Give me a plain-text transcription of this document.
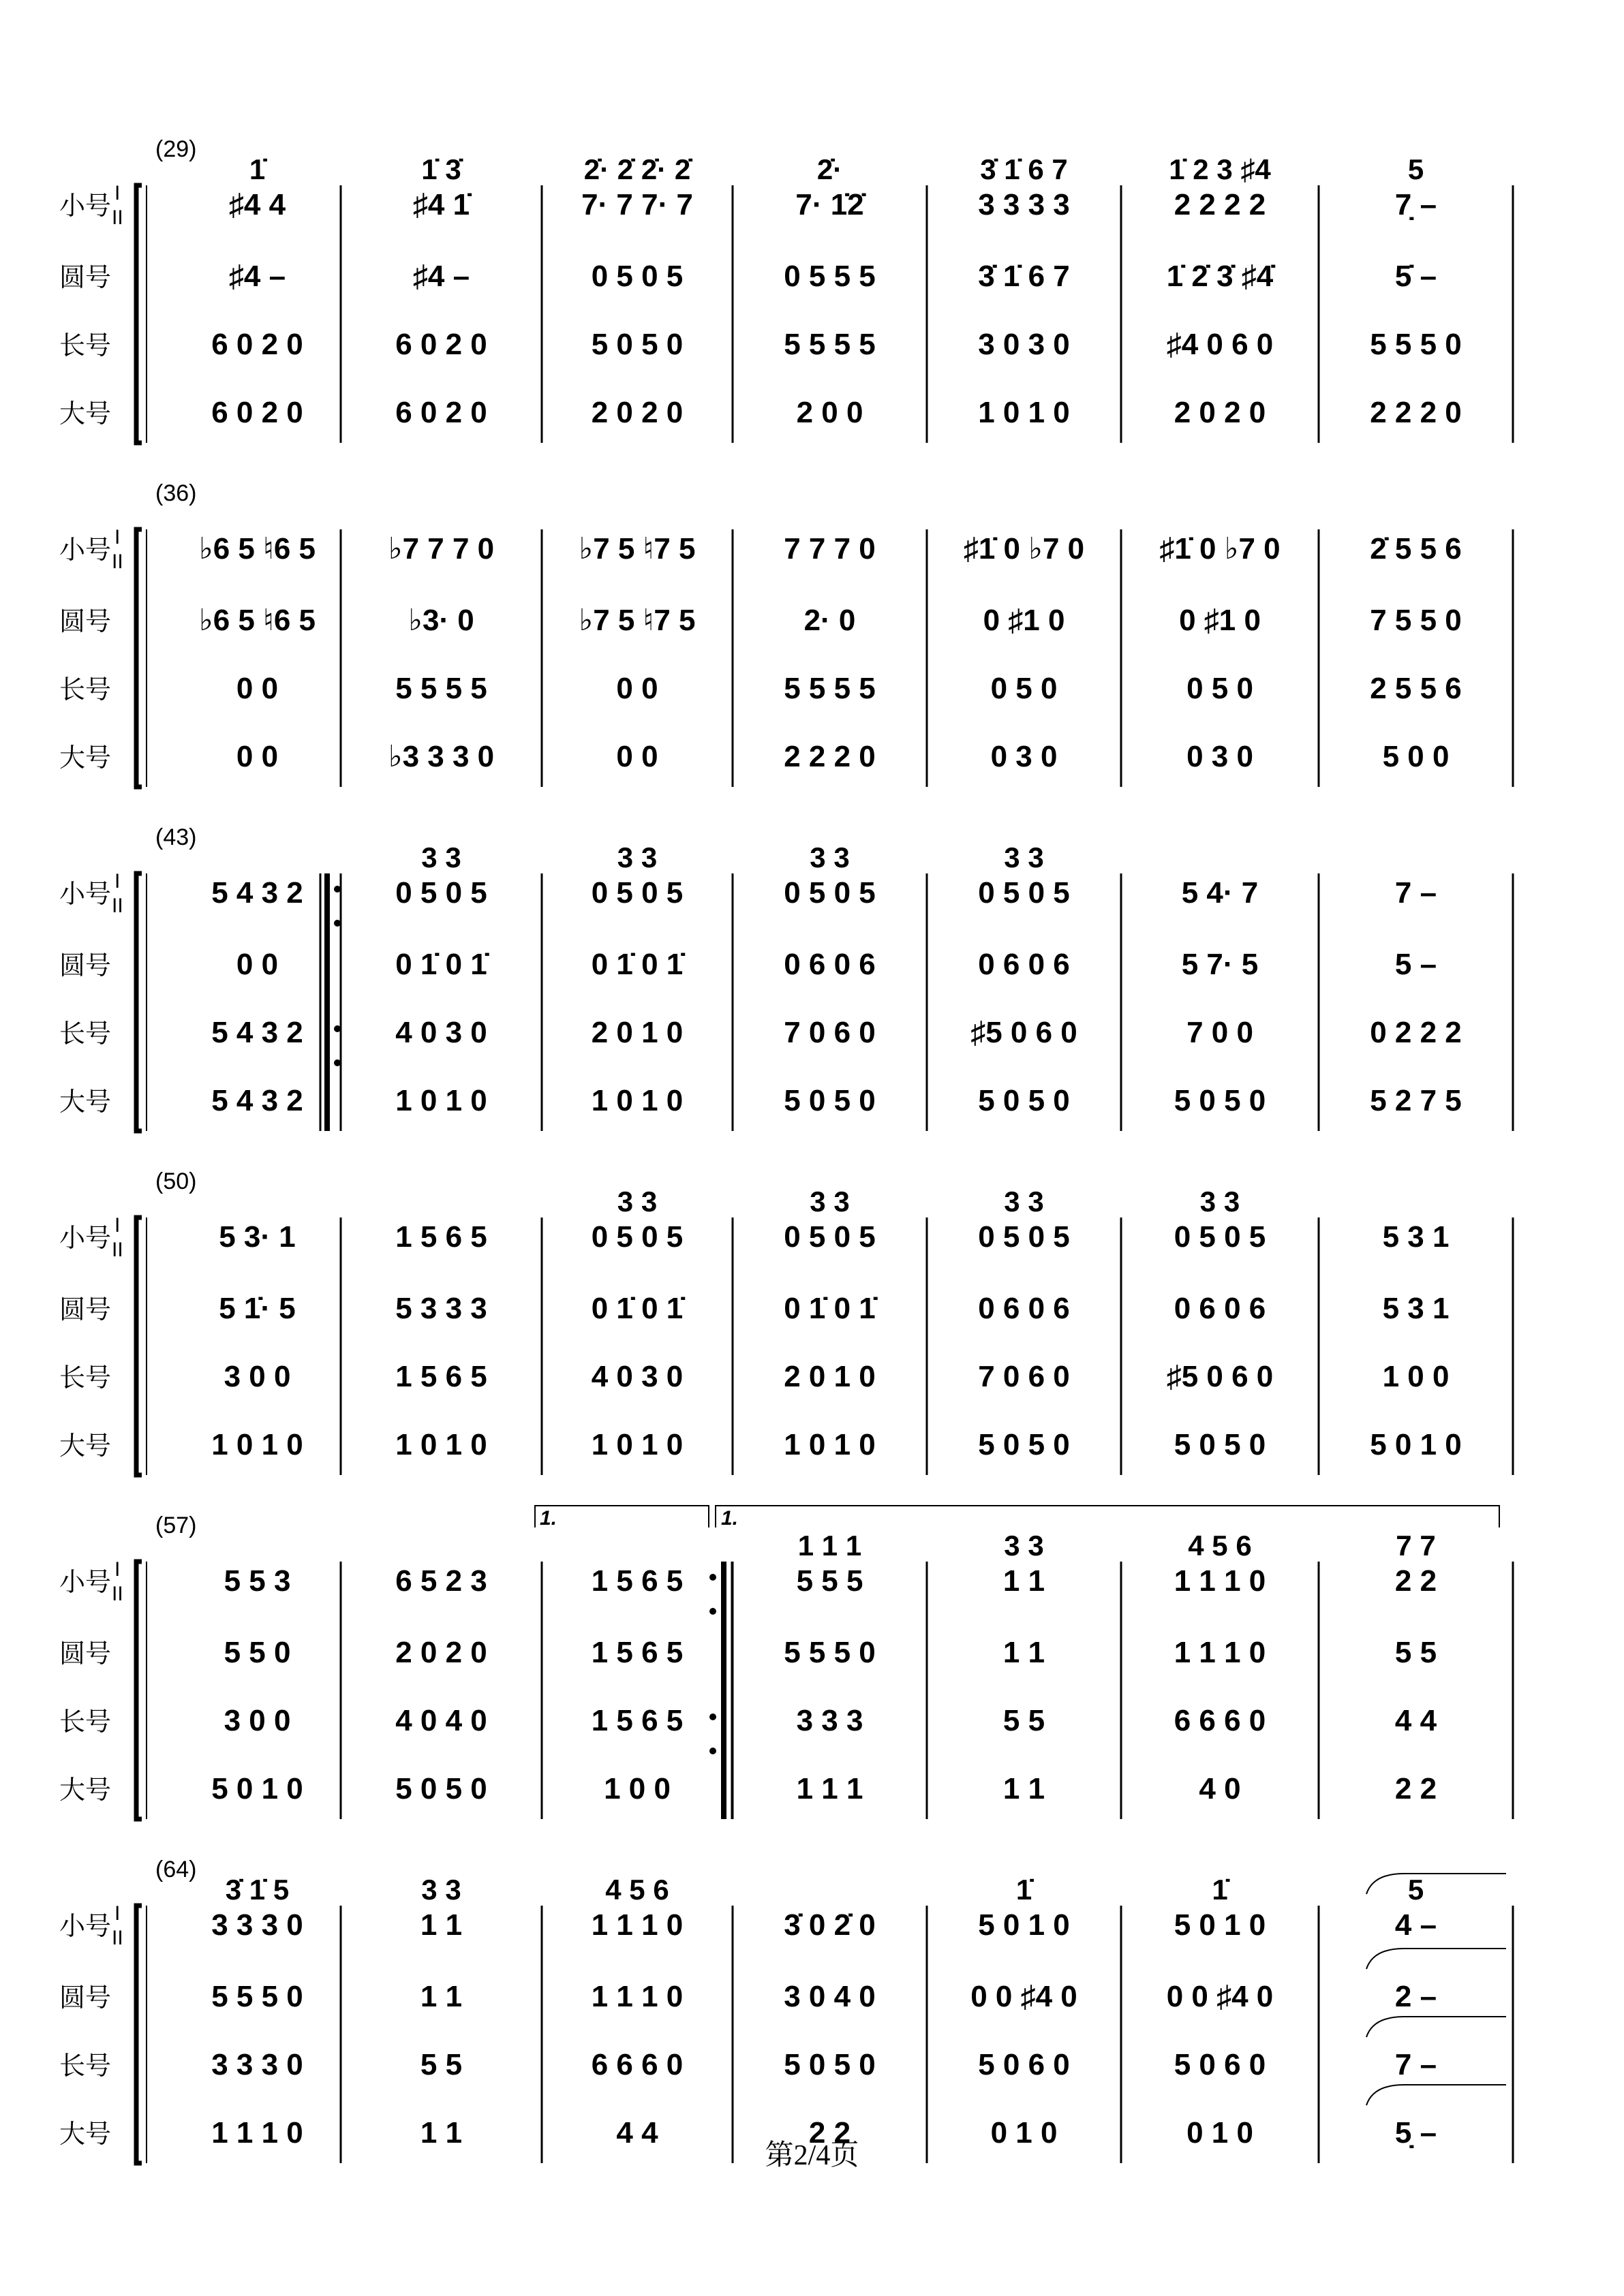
(29)
小号 I
II
圆号
长号
大号
♯4 4
♯4 –
6 0 2 0
6 0 2 0
1̇
♯4 1̇
♯4 –
6 0 2 0
6 0 2 0
1̇ 3̇
7· 7 7· 7
0 5 0 5
5 0 5 0
2 0 2 0
2̇· 2̇ 2̇· 2̇
7· 1̇2̇
0 5 5 5
5 5 5 5
2 0 0
2̇·
3 3 3 3
3̇ 1̇ 6 7
3 0 3 0
1 0 1 0
3̇ 1̇ 6 7
2 2 2 2
1̇ 2̇ 3̇ ♯4̇
♯4 0 6 0
2 0 2 0
1̇ 2 3 ♯4
7̣ –
5̇ –
5 5 5 0
2 2 2 0
5
(36)
小号 I
II
圆号
长号
大号
♭6 5 ♮6 5
♭6 5 ♮6 5
0 0
0 0
♭7 7 7 0
♭3· 0
5 5 5 5
♭3 3 3 0
♭7 5 ♮7 5
♭7 5 ♮7 5
0 0
0 0
7 7 7 0
2· 0
5 5 5 5
2 2 2 0
♯1̇ 0 ♭7 0
0 ♯1 0
0 5 0
0 3 0
♯1̇ 0 ♭7 0
0 ♯1 0
0 5 0
0 3 0
2̇ 5 5 6
7 5 5 0
2 5 5 6
5 0 0
(43)
小号 I
II
圆号
长号
大号
5 4 3 2
0 0
5 4 3 2
5 4 3 2
0 5 0 5
0 1̇ 0 1̇
4 0 3 0
1 0 1 0
3 3
0 5 0 5
0 1̇ 0 1̇
2 0 1 0
1 0 1 0
3 3
0 5 0 5
0 6 0 6
7 0 6 0
5 0 5 0
3 3
0 5 0 5
0 6 0 6
♯5 0 6 0
5 0 5 0
3 3
5 4· 7
5 7· 5
7 0 0
5 0 5 0
7 –
5 –
0 2 2 2
5 2 7 5
(50)
小号 I
II
圆号
长号
大号
5 3· 1
5 1̇· 5
3 0 0
1 0 1 0
1 5 6 5
5 3 3 3
1 5 6 5
1 0 1 0
0 5 0 5
0 1̇ 0 1̇
4 0 3 0
1 0 1 0
3 3
0 5 0 5
0 1̇ 0 1̇
2 0 1 0
1 0 1 0
3 3
0 5 0 5
0 6 0 6
7 0 6 0
5 0 5 0
3 3
0 5 0 5
0 6 0 6
♯5 0 6 0
5 0 5 0
3 3
5 3 1
5 3 1
1 0 0
5 0 1 0
(57)
小号 I
II
圆号
长号
大号
5 5 3
5 5 0
3 0 0
5 0 1 0
6 5 2 3
2 0 2 0
4 0 4 0
5 0 5 0
1 5 6 5
1 5 6 5
1 5 6 5
1 0 0
5 5 5
5 5 5 0
3 3 3
1 1 1
1 1 1
1 1
1 1
5 5
1 1
3 3
1 1 1 0
1 1 1 0
6 6 6 0
4 0
4 5 6
2 2
5 5
4 4
2 2
7 7
(64)
小号 I
II
圆号
长号
大号
3 3 3 0
5 5 5 0
3 3 3 0
1 1 1 0
3̇ 1̇ 5
1 1
1 1
5 5
1 1
3 3
1 1 1 0
1 1 1 0
6 6 6 0
4 4
4 5 6
3̇ 0 2̇ 0
3 0 4 0
5 0 5 0
2 2
5 0 1 0
0 0 ♯4 0
5 0 6 0
0 1 0
1̇
5 0 1 0
0 0 ♯4 0
5 0 6 0
0 1 0
1̇
4 –
2 –
7 –
5̣ –
5
1.	1.
第2/4页
